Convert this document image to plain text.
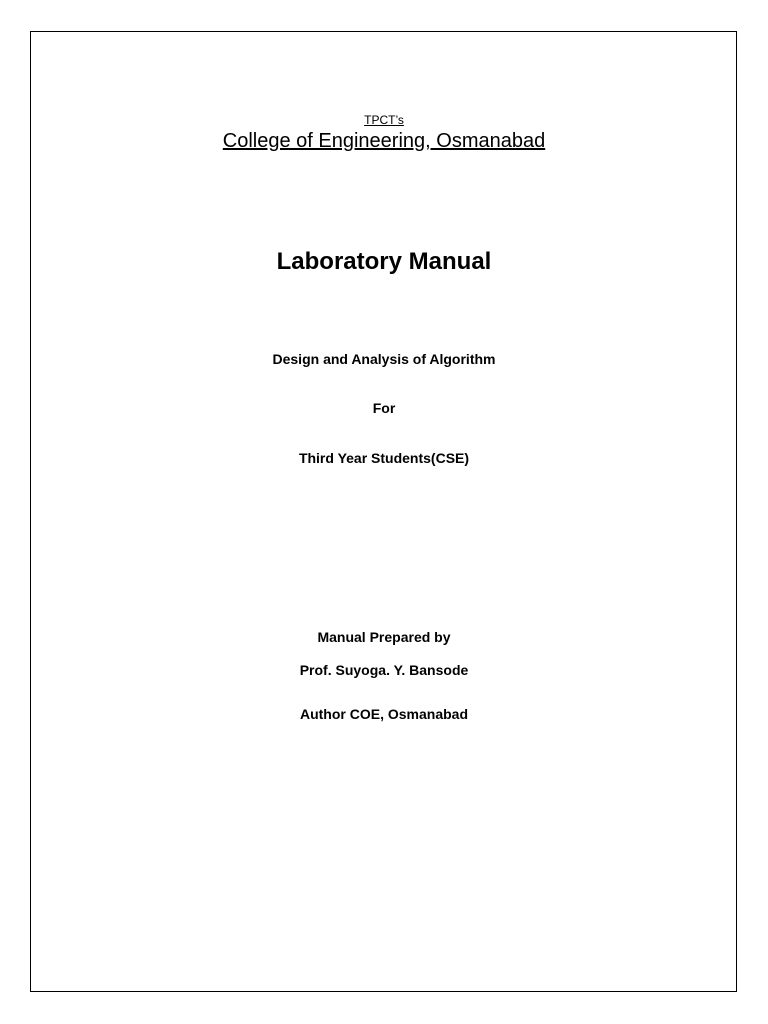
TPCT’s
College of Engineering, Osmanabad
Laboratory Manual
Design and Analysis of Algorithm
For
Third Year Students(CSE)
Manual Prepared by
Prof. Suyoga. Y. Bansode
Author COE, Osmanabad
